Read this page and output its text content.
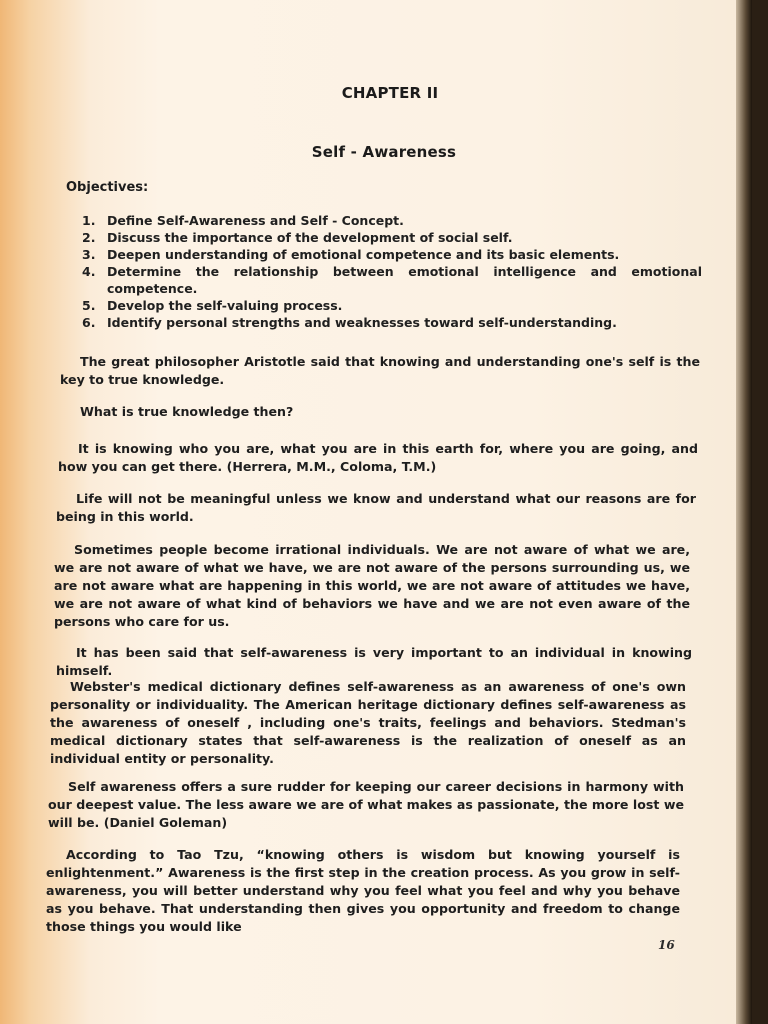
CHAPTER II
Self - Awareness
Objectives:
1. Define Self-Awareness and Self - Concept.
2. Discuss the importance of the development of social self.
3. Deepen understanding of emotional competence and its basic elements.
4. Determine the relationship between emotional intelligence and emotional competence.
5. Develop the self-valuing process.
6. Identify personal strengths and weaknesses toward self-understanding.

The great philosopher Aristotle said that knowing and understanding one's self is the key to true knowledge.

What is true knowledge then?

It is knowing who you are, what you are in this earth for, where you are going, and how you can get there. (Herrera, M.M., Coloma, T.M.)

Life will not be meaningful unless we know and understand what our reasons are for being in this world.

Sometimes people become irrational individuals. We are not aware of what we are, we are not aware of what we have, we are not aware of the persons surrounding us, we are not aware what are happening in this world, we are not aware of attitudes we have, we are not aware of what kind of behaviors we have and we are not even aware of the persons who care for us.

It has been said that self-awareness is very important to an individual in knowing himself.

Webster's medical dictionary defines self-awareness as an awareness of one's own personality or individuality. The American heritage dictionary defines self-awareness as the awareness of oneself , including one's traits, feelings and behaviors. Stedman's medical dictionary states that self-awareness is the realization of oneself as an individual entity or personality.

Self awareness offers a sure rudder for keeping our career decisions in harmony with our deepest value. The less aware we are of what makes as passionate, the more lost we will be. (Daniel Goleman)

According to Tao Tzu, “knowing others is wisdom but knowing yourself is enlightenment.” Awareness is the first step in the creation process. As you grow in self-awareness, you will better understand why you feel what you feel and why you behave as you behave. That understanding then gives you opportunity and freedom to change those things you would like

16
